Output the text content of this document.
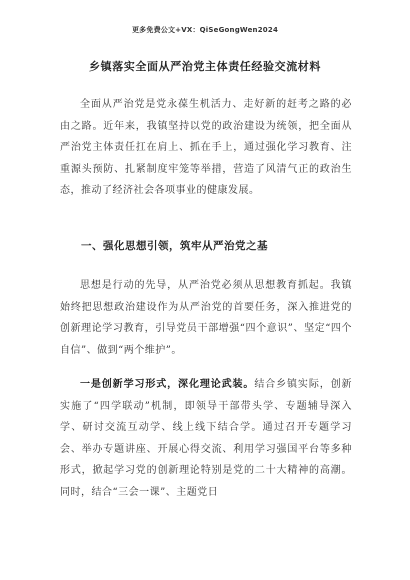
更多免费公文+VX：QiSeGongWen2024
乡镇落实全面从严治党主体责任经验交流材料

全面从严治党是党永葆生机活力、走好新的赶考之路的必由之路。近年来，我镇坚持以党的政治建设为统领，把全面从严治党主体责任扛在肩上、抓在手上，通过强化学习教育、注重源头预防、扎紧制度牢笼等举措，营造了风清气正的政治生态，推动了经济社会各项事业的健康发展。

一、强化思想引领，筑牢从严治党之基

思想是行动的先导，从严治党必须从思想教育抓起。我镇始终把思想政治建设作为从严治党的首要任务，深入推进党的创新理论学习教育，引导党员干部增强“四个意识”、坚定“四个自信”、做到“两个维护”。

一是创新学习形式，深化理论武装。结合乡镇实际，创新实施了“四学联动”机制，即领导干部带头学、专题辅导深入学、研讨交流互动学、线上线下结合学。通过召开专题学习会、举办专题讲座、开展心得交流、利用学习强国平台等多种形式，掀起学习党的创新理论特别是党的二十大精神的高潮。同时，结合“三会一课”、主题党日
